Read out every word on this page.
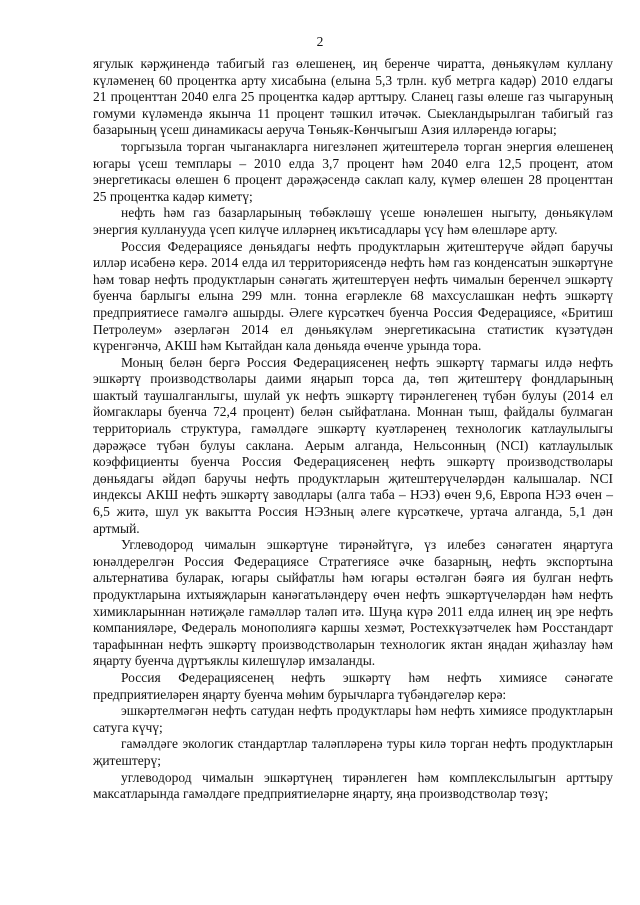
2

ягулык кәрҗинендә табигый газ өлешенең, иң беренче чиратта, дөньякүләм куллану күләменең 60 процентка арту хисабына (елына 5,3 трлн. куб метрга кадәр) 2010 елдагы 21 проценттан 2040 елга 25 процентка кадәр арттыру. Сланец газы өлеше газ чыгаруның гомуми күләмендә якынча 11 процент тәшкил итәчәк. Сыекландырылган табигый газ базарының үсеш динамикасы аеруча Төньяк-Көнчыгыш Азия илләрендә югары;

торгызыла торган чыганакларга нигезләнеп җитештерелә торган энергия өлешенең югары үсеш темплары – 2010 елда 3,7 процент һәм 2040 елга 12,5 процент, атом энергетикасы өлешен 6 процент дәрәҗәсендә саклап калу, күмер өлешен 28 проценттан 25 процентка кадәр киметү;

нефть һәм газ базарларының төбәкләшү үсеше юнәлешен ныгыту, дөньякүләм энергия кулланууда үсеп килүче илләрнең икътисадлары үсү һәм өлешләре арту.

Россия Федерациясе дөньядагы нефть продуктларын җитештерүче әйдәп баручы илләр исәбенә керә. 2014 елда ил территориясендә нефть һәм газ конденсатын эшкәртүне һәм товар нефть продуктларын сәнәгать җитештерүен нефть чималын беренчел эшкәртү буенча барлыгы елына 299 млн. тонна егәрлекле 68 махсуслашкан нефть эшкәртү предприятиесе гамәлгә ашырды. Әлеге күрсәткеч буенча Россия Федерациясе, «Бритиш Петролеум» әзерләгән 2014 ел дөньякүләм энергетикасына статистик күзәтүдән күренгәнчә, АКШ һәм Кытайдан кала дөньяда өченче урында тора.

Моның белән бергә Россия Федерациясенең нефть эшкәртү тармагы илдә нефть эшкәртү производстволары даими яңарып торса да, төп җитештерү фондларының шактый таушалганлыгы, шулай ук нефть эшкәртү тирәнлегенең түбән булуы (2014 ел йомгаклары буенча 72,4 процент) белән сыйфатлана. Моннан тыш, файдалы булмаган территориаль структура, гамәлдәге эшкәртү куәтләренең технологик катлаулылыгы дәрәҗәсе түбән булуы саклана. Аерым алганда, Нельсонның (NCI) катлаулылык коэффициенты буенча Россия Федерациясенең нефть эшкәртү производстволары дөньядагы әйдәп баручы нефть продуктларын җитештерүчеләрдән калышалар. NCI индексы АКШ нефть эшкәртү заводлары (алга таба – НЭЗ) өчен 9,6, Европа НЭЗ өчен – 6,5 житә, шул ук вакытта Россия НЭЗның әлеге күрсәткече, уртача алганда, 5,1 дән артмый.

Углеводород чималын эшкәртүне тирәнәйтүгә, үз илебез сәнәгатен яңартуга юнәлдерелгән Россия Федерациясе Стратегиясе әчке базарның, нефть экспортына альтернатива буларак, югары сыйфатлы һәм югары өстәлгән бәягә ия булган нефть продуктларына ихтыяҗларын канәгатьләндерү өчен нефть эшкәртүчеләрдән һәм нефть химикларыннан нәтиҗәле гамәлләр таләп итә. Шуңа күрә 2011 елда илнең иң эре нефть компанияләре, Федераль монополиягә каршы хезмәт, Ростехкүзәтчелек һәм Росстандарт тарафыннан нефть эшкәртү производстволарын технологик яктан яңадан җиһазлау һәм яңарту буенча дүртъяклы килешүләр имзаланды.

Россия Федерациясенең нефть эшкәртү һәм нефть химиясе сәнәгате предприятиеләрен яңарту буенча мөһим бурычларга түбәндәгеләр керә:

эшкәртелмәгән нефть сатудан нефть продуктлары һәм нефть химиясе продуктларын сатуга күчү;

гамәлдәге экологик стандартлар таләпләренә туры килә торган нефть продуктларын җитештерү;

углеводород чималын эшкәртүнең тирәнлеген һәм комплекслылыгын арттыру максатларында гамәлдәге предприятиеләрне яңарту, яңа производстволар төзү;
